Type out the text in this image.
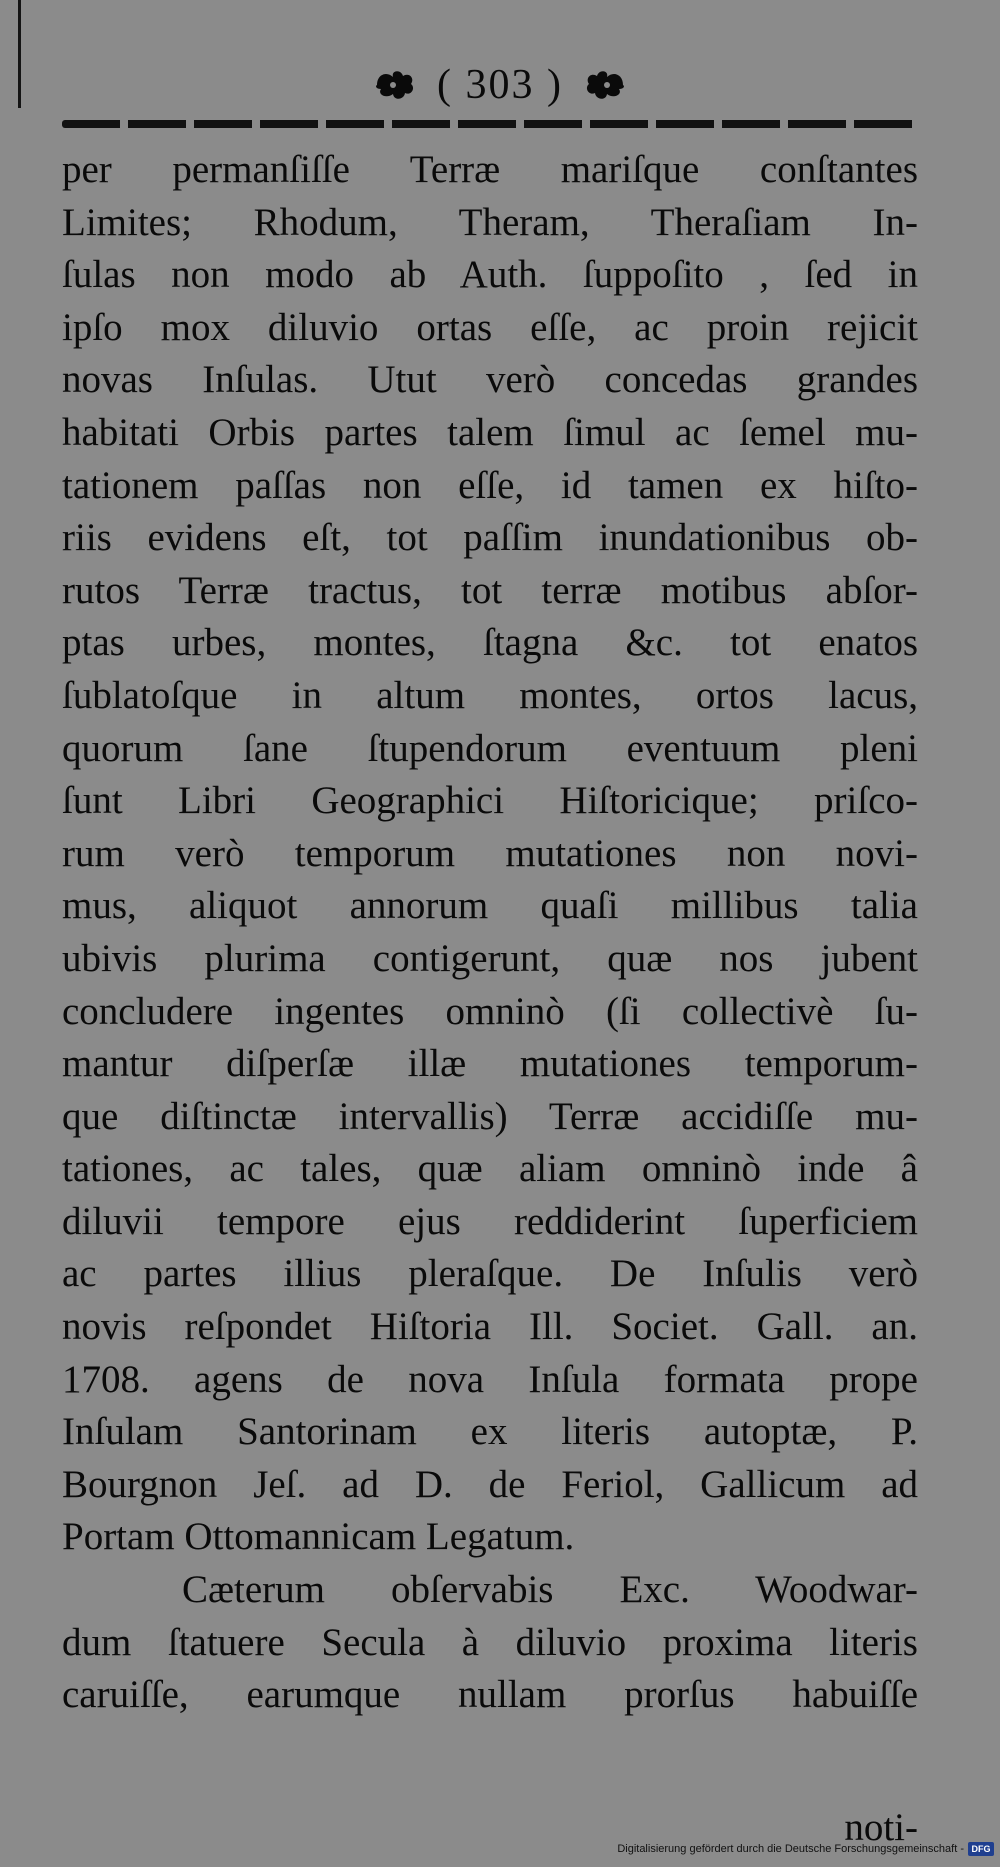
( 303 )
per permanſiſſe Terræ mariſque conſtantes
Limites; Rhodum, Theram, Theraſiam In-
ſulas non modo ab Auth. ſuppoſito , ſed in
ipſo mox diluvio ortas eſſe, ac proin rejicit
novas Inſulas. Utut verò concedas grandes
habitati Orbis partes talem ſimul ac ſemel mu-
tationem paſſas non eſſe, id tamen ex hiſto-
riis evidens eſt, tot paſſim inundationibus ob-
rutos Terræ tractus, tot terræ motibus abſor-
ptas urbes, montes, ſtagna &c. tot enatos
ſublatoſque in altum montes, ortos lacus,
quorum ſane ſtupendorum eventuum pleni
ſunt Libri Geographici Hiſtoricique; priſco-
rum verò temporum mutationes non novi-
mus, aliquot annorum quaſi millibus talia
ubivis plurima contigerunt, quæ nos jubent
concludere ingentes omninò (ſi collectivè ſu-
mantur diſperſæ illæ mutationes temporum-
que diſtinctæ intervallis) Terræ accidiſſe mu-
tationes, ac tales, quæ aliam omninò inde â
diluvii tempore ejus reddiderint ſuperficiem
ac partes illius pleraſque. De Inſulis verò
novis reſpondet Hiſtoria Ill. Societ. Gall. an.
1708. agens de nova Inſula formata prope
Inſulam Santorinam ex literis autoptæ, P.
Bourgnon Jeſ. ad D. de Feriol, Gallicum ad
Portam Ottomannicam Legatum.
Cæterum obſervabis Exc. Woodwar-
dum ſtatuere Secula à diluvio proxima literis
caruiſſe, earumque nullam prorſus habuiſſe
noti-
Digitalisierung gefördert durch die Deutsche Forschungsgemeinschaft - DFG
